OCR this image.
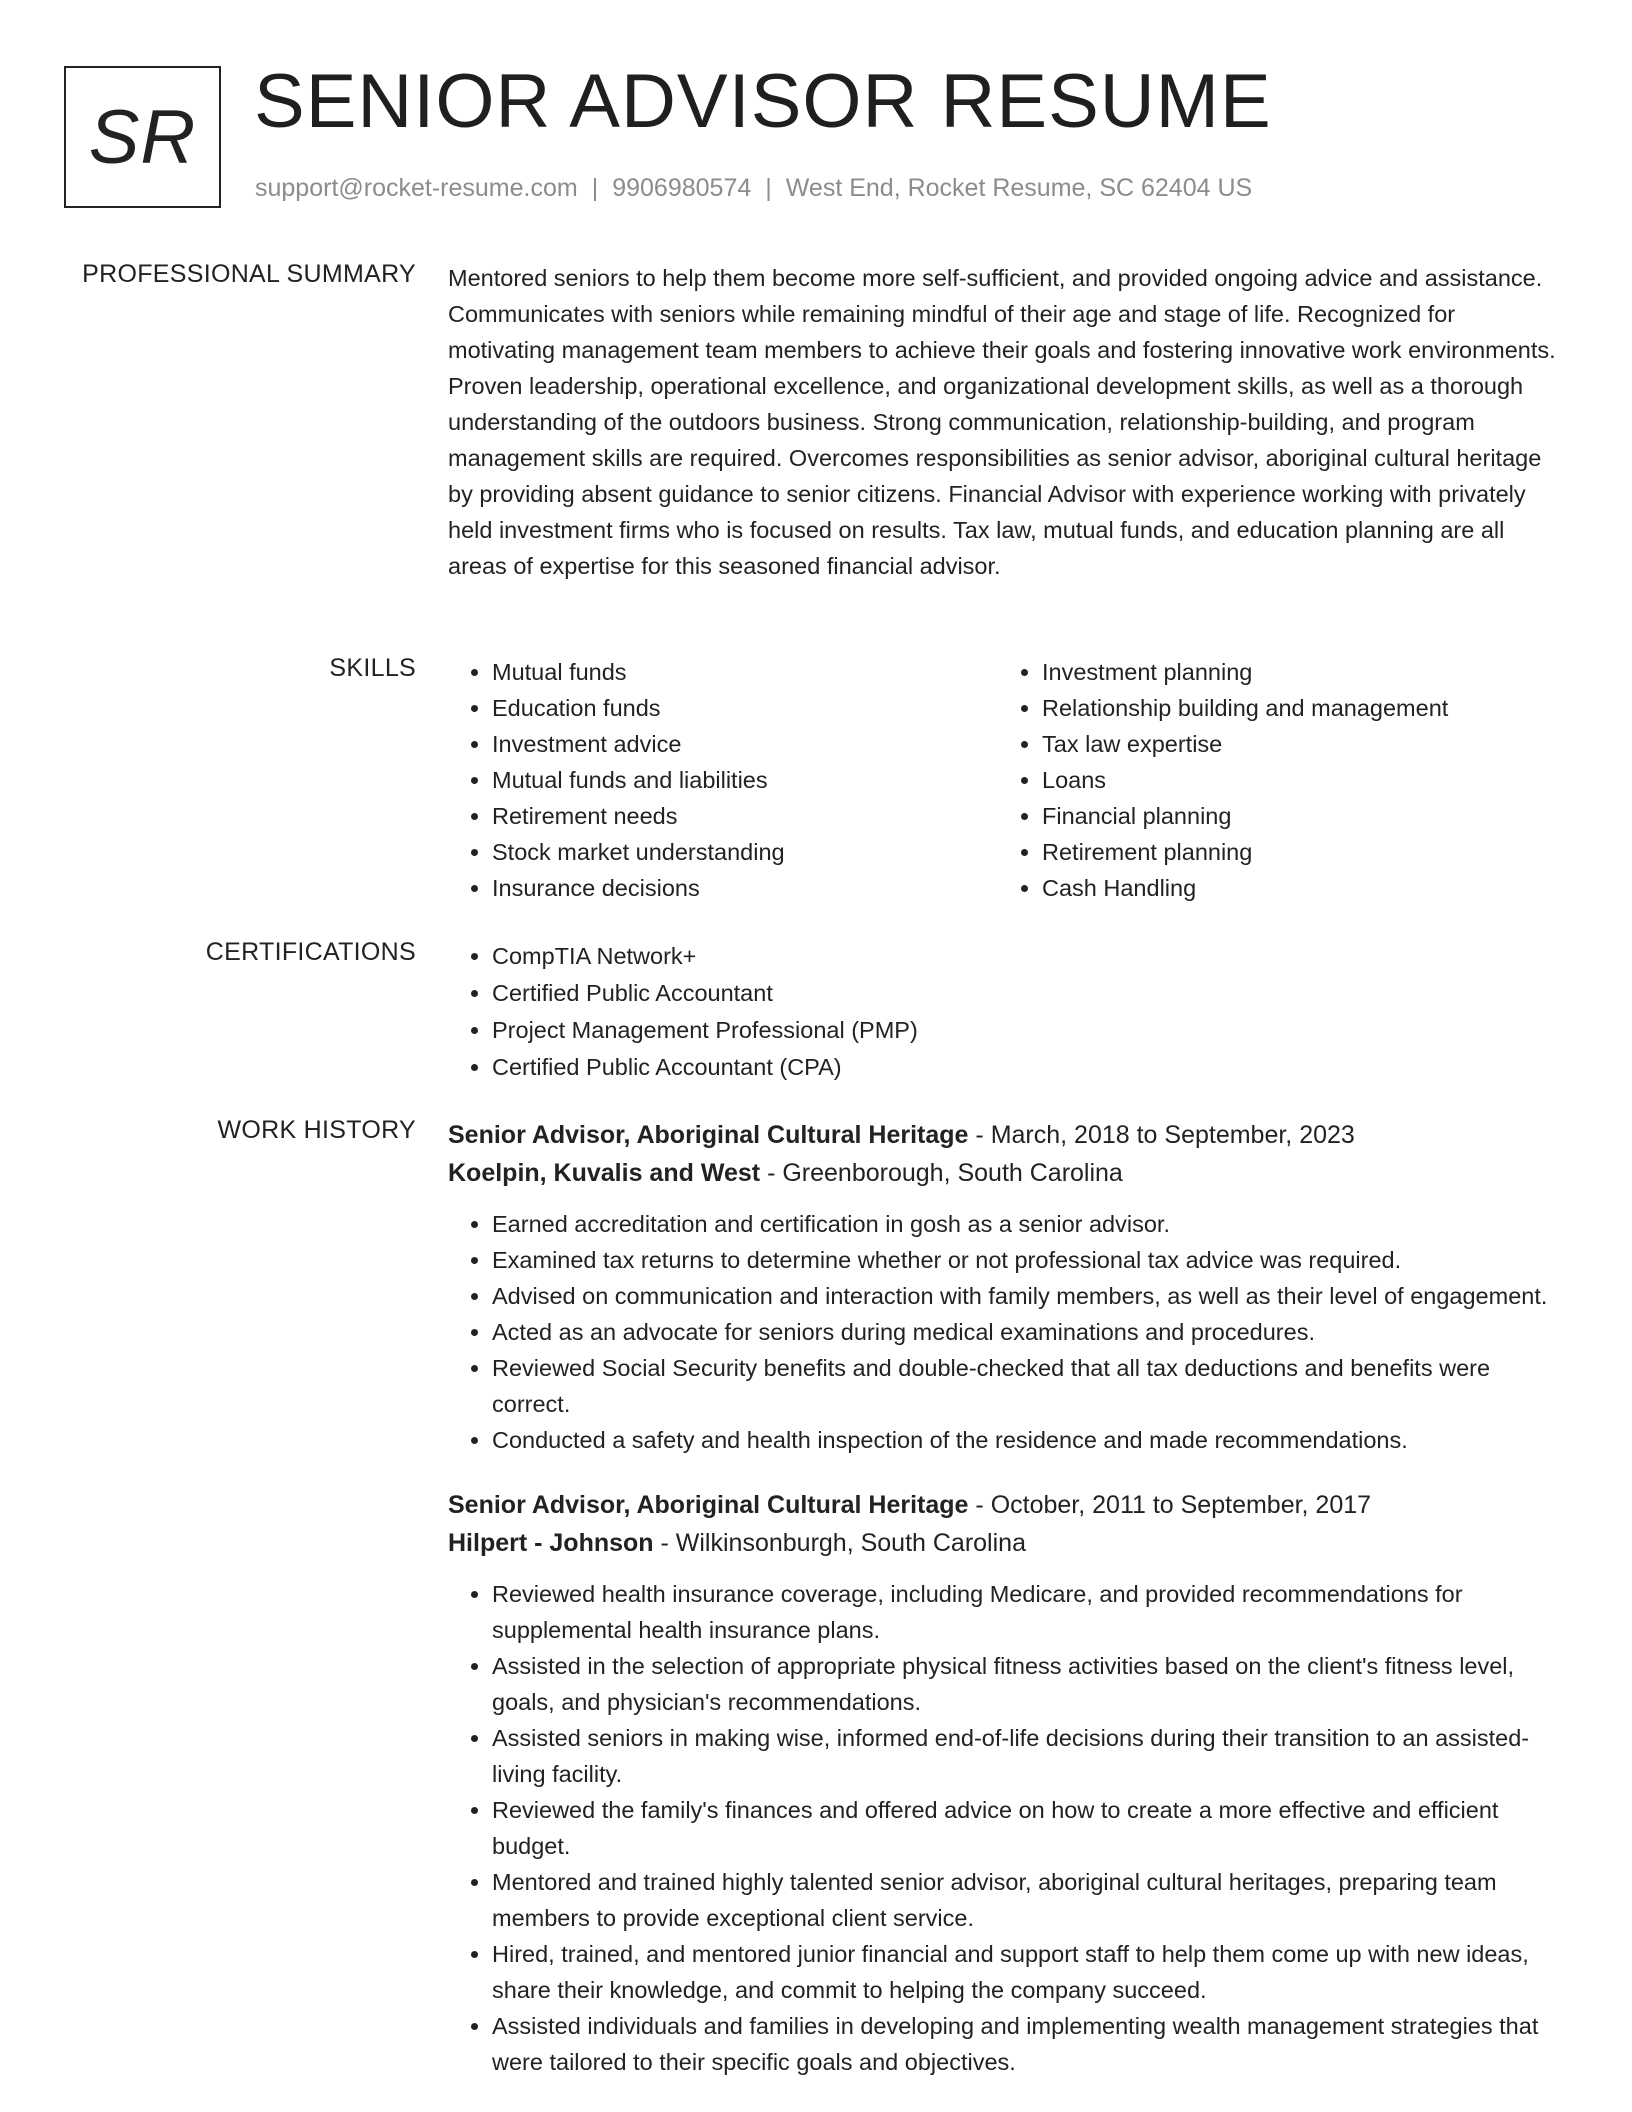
SR SENIOR ADVISOR RESUME
support@rocket-resume.com | 9906980574 | West End, Rocket Resume, SC 62404 US
PROFESSIONAL SUMMARY Mentored seniors to help them become more self-sufficient, and provided ongoing advice and assistance. Communicates with seniors while remaining mindful of their age and stage of life. Recognized for motivating management team members to achieve their goals and fostering innovative work environments. Proven leadership, operational excellence, and organizational development skills, as well as a thorough understanding of the outdoors business. Strong communication, relationship-building, and program management skills are required. Overcomes responsibilities as senior advisor, aboriginal cultural heritage by providing absent guidance to senior citizens. Financial Advisor with experience working with privately held investment firms who is focused on results. Tax law, mutual funds, and education planning are all areas of expertise for this seasoned financial advisor.
SKILLS	• Mutual funds
• Education funds
• Investment advice
• Mutual funds and liabilities
• Retirement needs
• Stock market understanding
• Insurance decisions
• Investment planning
• Relationship building and management
• Tax law expertise
• Loans
• Financial planning
• Retirement planning
• Cash Handling
CERTIFICATIONS	• CompTIA Network+
• Certified Public Accountant
• Project Management Professional (PMP)
• Certified Public Accountant (CPA)
WORK HISTORY Senior Advisor, Aboriginal Cultural Heritage - March, 2018 to September, 2023
Koelpin, Kuvalis and West - Greenborough, South Carolina
• Earned accreditation and certification in gosh as a senior advisor.
• Examined tax returns to determine whether or not professional tax advice was required.
• Advised on communication and interaction with family members, as well as their level of engagement.
• Acted as an advocate for seniors during medical examinations and procedures.
• Reviewed Social Security benefits and double-checked that all tax deductions and benefits were correct.
• Conducted a safety and health inspection of the residence and made recommendations.
Senior Advisor, Aboriginal Cultural Heritage - October, 2011 to September, 2017
Hilpert - Johnson - Wilkinsonburgh, South Carolina
• Reviewed health insurance coverage, including Medicare, and provided recommendations for supplemental health insurance plans.
• Assisted in the selection of appropriate physical fitness activities based on the client's fitness level, goals, and physician's recommendations.
• Assisted seniors in making wise, informed end-of-life decisions during their transition to an assisted-living facility.
• Reviewed the family's finances and offered advice on how to create a more effective and efficient budget.
• Mentored and trained highly talented senior advisor, aboriginal cultural heritages, preparing team members to provide exceptional client service.
• Hired, trained, and mentored junior financial and support staff to help them come up with new ideas, share their knowledge, and commit to helping the company succeed.
• Assisted individuals and families in developing and implementing wealth management strategies that were tailored to their specific goals and objectives.
